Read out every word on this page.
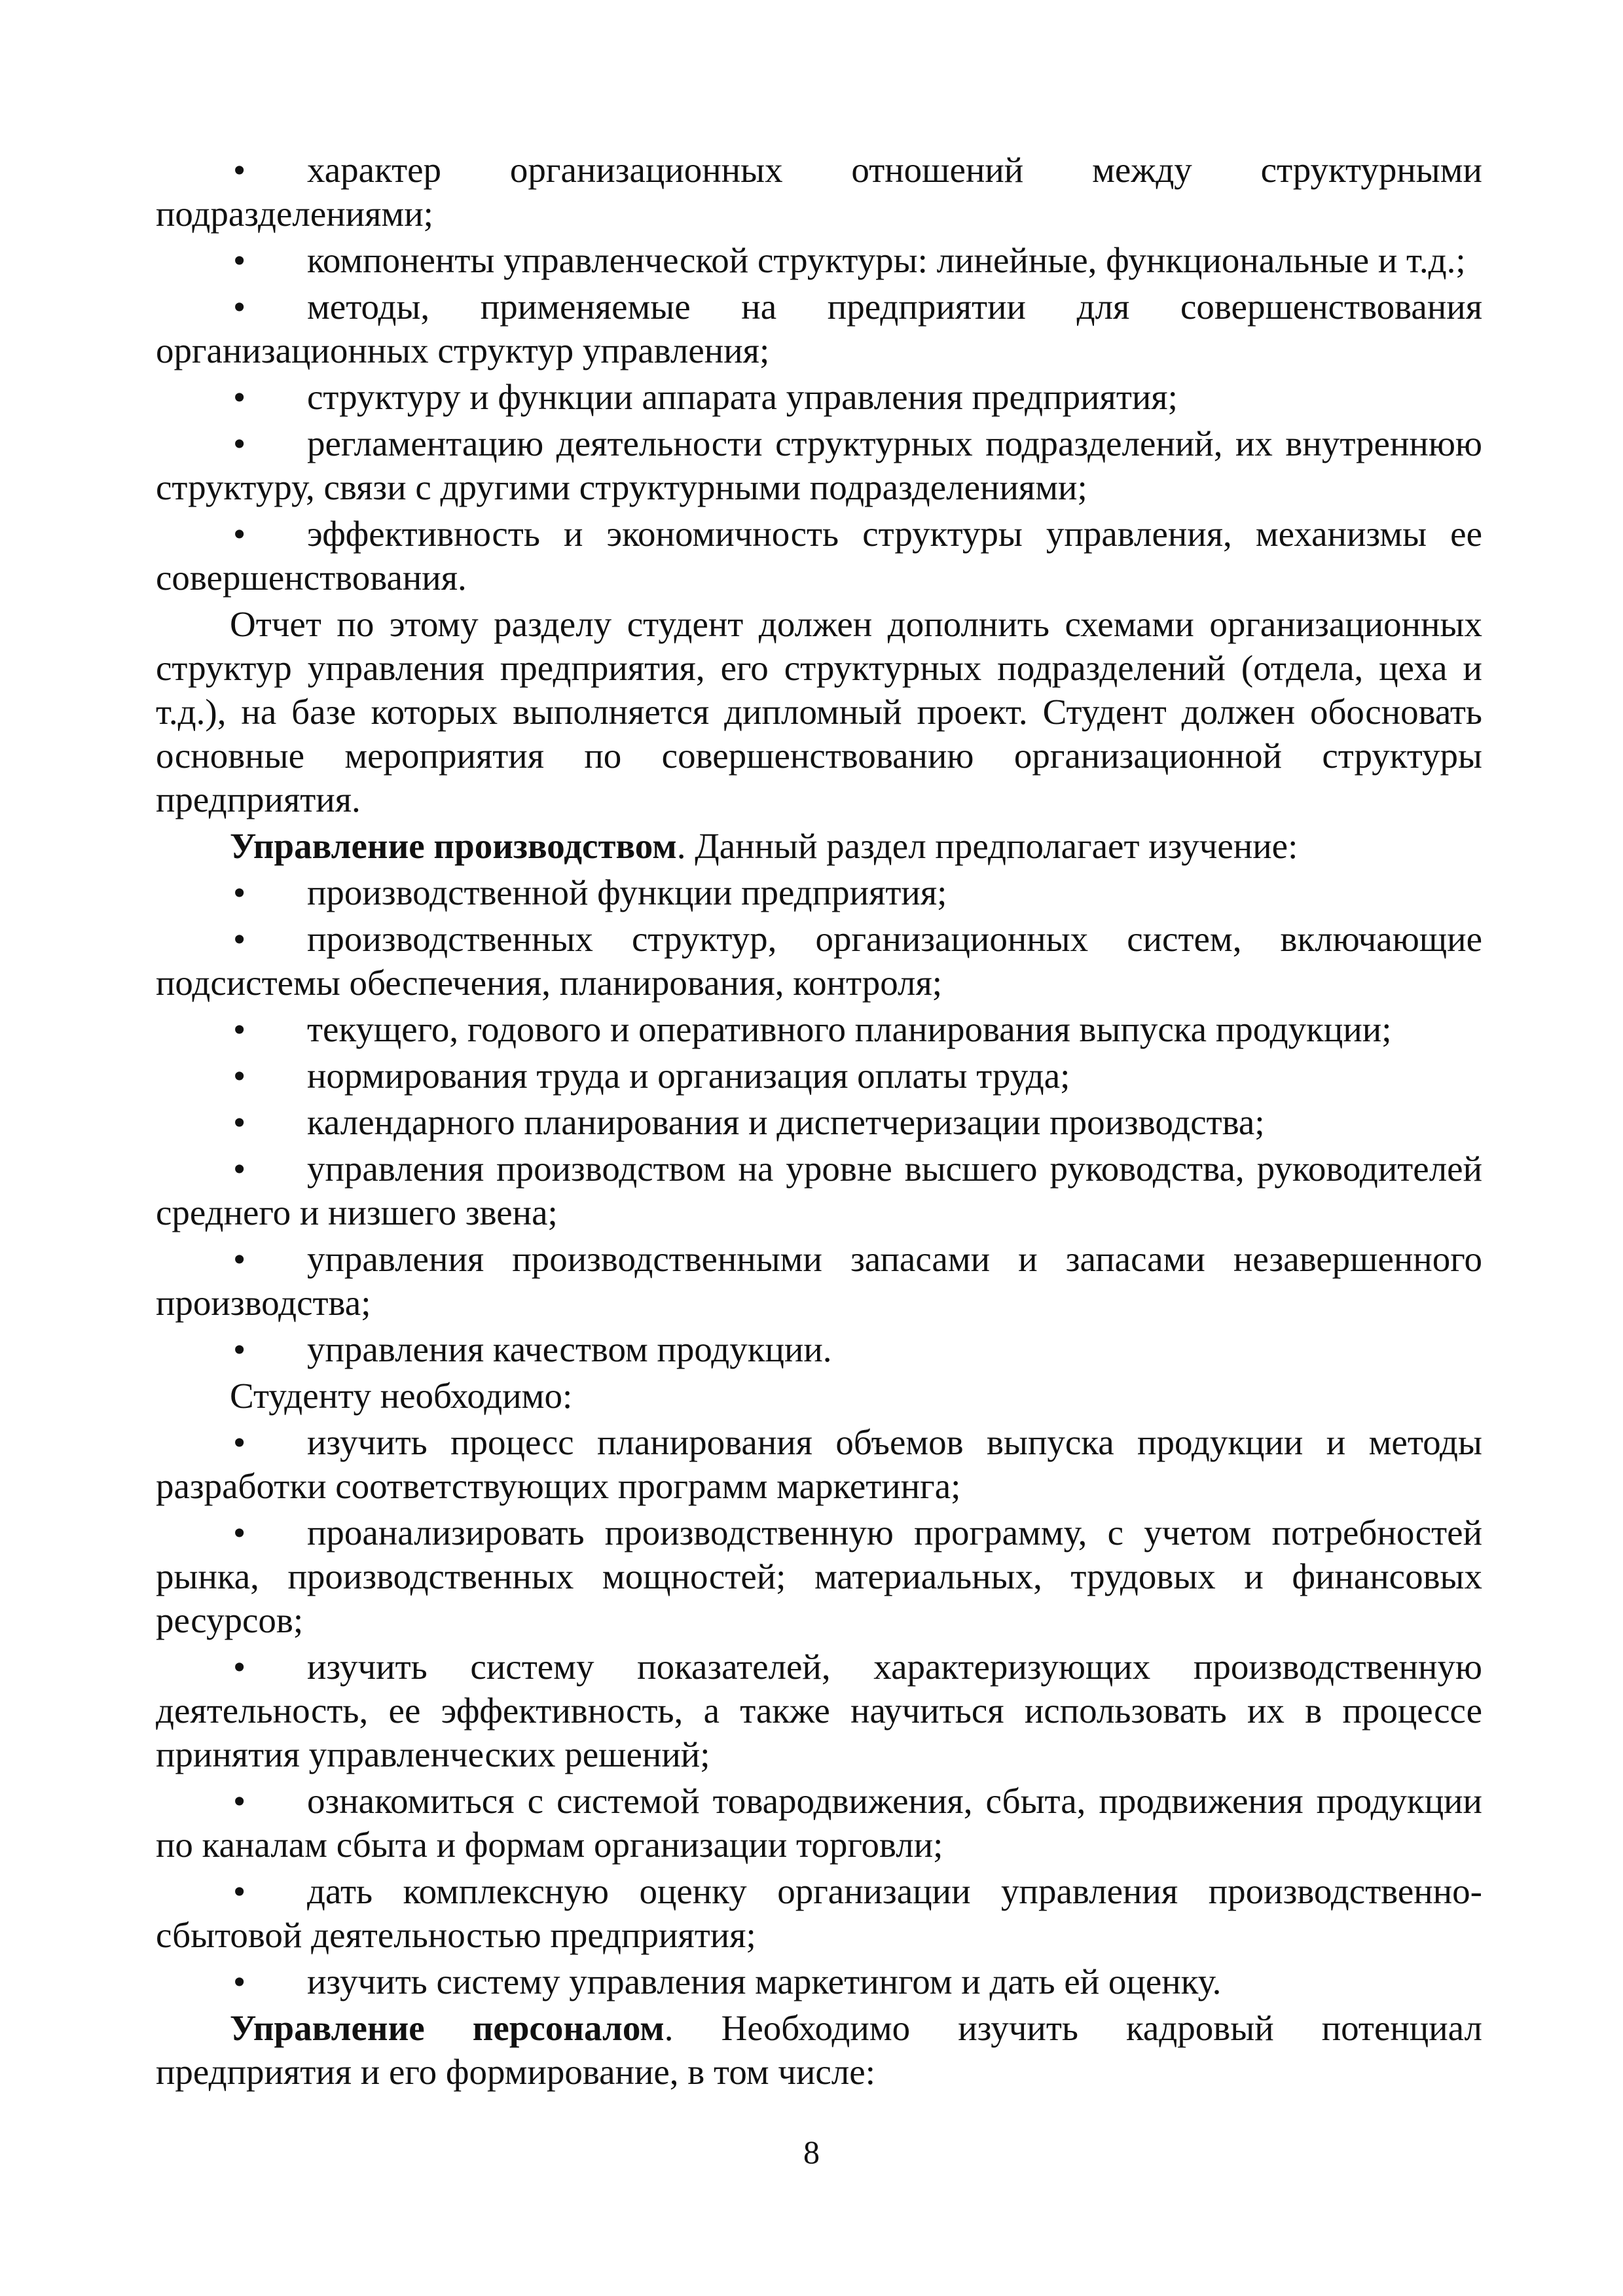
• характер организационных отношений между структурными подразделениями;

• компоненты управленческой структуры: линейные, функциональные и т.д.;

• методы, применяемые на предприятии для совершенствования организационных структур управления;

• структуру и функции аппарата управления предприятия;

• регламентацию деятельности структурных подразделений, их внутреннюю структуру, связи с другими структурными подразделениями;

• эффективность и экономичность структуры управления, механизмы ее совершенствования.

Отчет по этому разделу студент должен дополнить схемами организационных структур управления предприятия, его структурных подразделений (отдела, цеха и т.д.), на базе которых выполняется дипломный проект. Студент должен обосновать основные мероприятия по совершенствованию организационной структуры предприятия.

Управление производством. Данный раздел предполагает изучение:

• производственной функции предприятия;

• производственных структур, организационных систем, включающие подсистемы обеспечения, планирования, контроля;

• текущего, годового и оперативного планирования выпуска продукции;

• нормирования труда и организация оплаты труда;

• календарного планирования и диспетчеризации производства;

• управления производством на уровне высшего руководства, руководителей среднего и низшего звена;

• управления производственными запасами и запасами незавершенного производства;

• управления качеством продукции.

Студенту необходимо:

• изучить процесс планирования объемов выпуска продукции и методы разработки соответствующих программ маркетинга;

• проанализировать производственную программу, с учетом потребностей рынка, производственных мощностей; материальных, трудовых и финансовых ресурсов;

• изучить систему показателей, характеризующих производственную деятельность, ее эффективность, а также научиться использовать их в процессе принятия управленческих решений;

• ознакомиться с системой товародвижения, сбыта, продвижения продукции по каналам сбыта и формам организации торговли;

• дать комплексную оценку организации управления производственно-сбытовой деятельностью предприятия;

• изучить систему управления маркетингом и дать ей оценку.

Управление персоналом. Необходимо изучить кадровый потенциал предприятия и его формирование, в том числе:

8
